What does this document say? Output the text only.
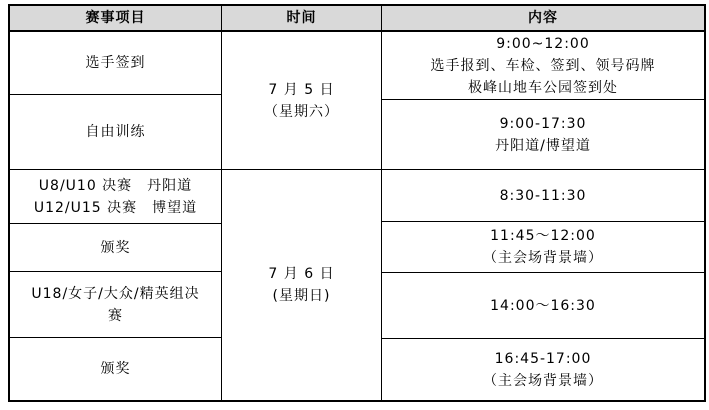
赛事项目
选手签到
自由训练
U8/U10 决赛　丹阳道
U12/U15 决赛　博望道
颁奖
U18/女子/大众/精英组决
赛
颁奖
时间
7 月 5 日
（星期六）
7 月 6 日
(星期日)
内容
9:00~12:00
选手报到、车检、签到、领号码牌
极峰山地车公园签到处
9:00-17:30
丹阳道/博望道
8:30-11:30
11:45～12:00
（主会场背景墙）
14:00～16:30
16:45-17:00
（主会场背景墙）
